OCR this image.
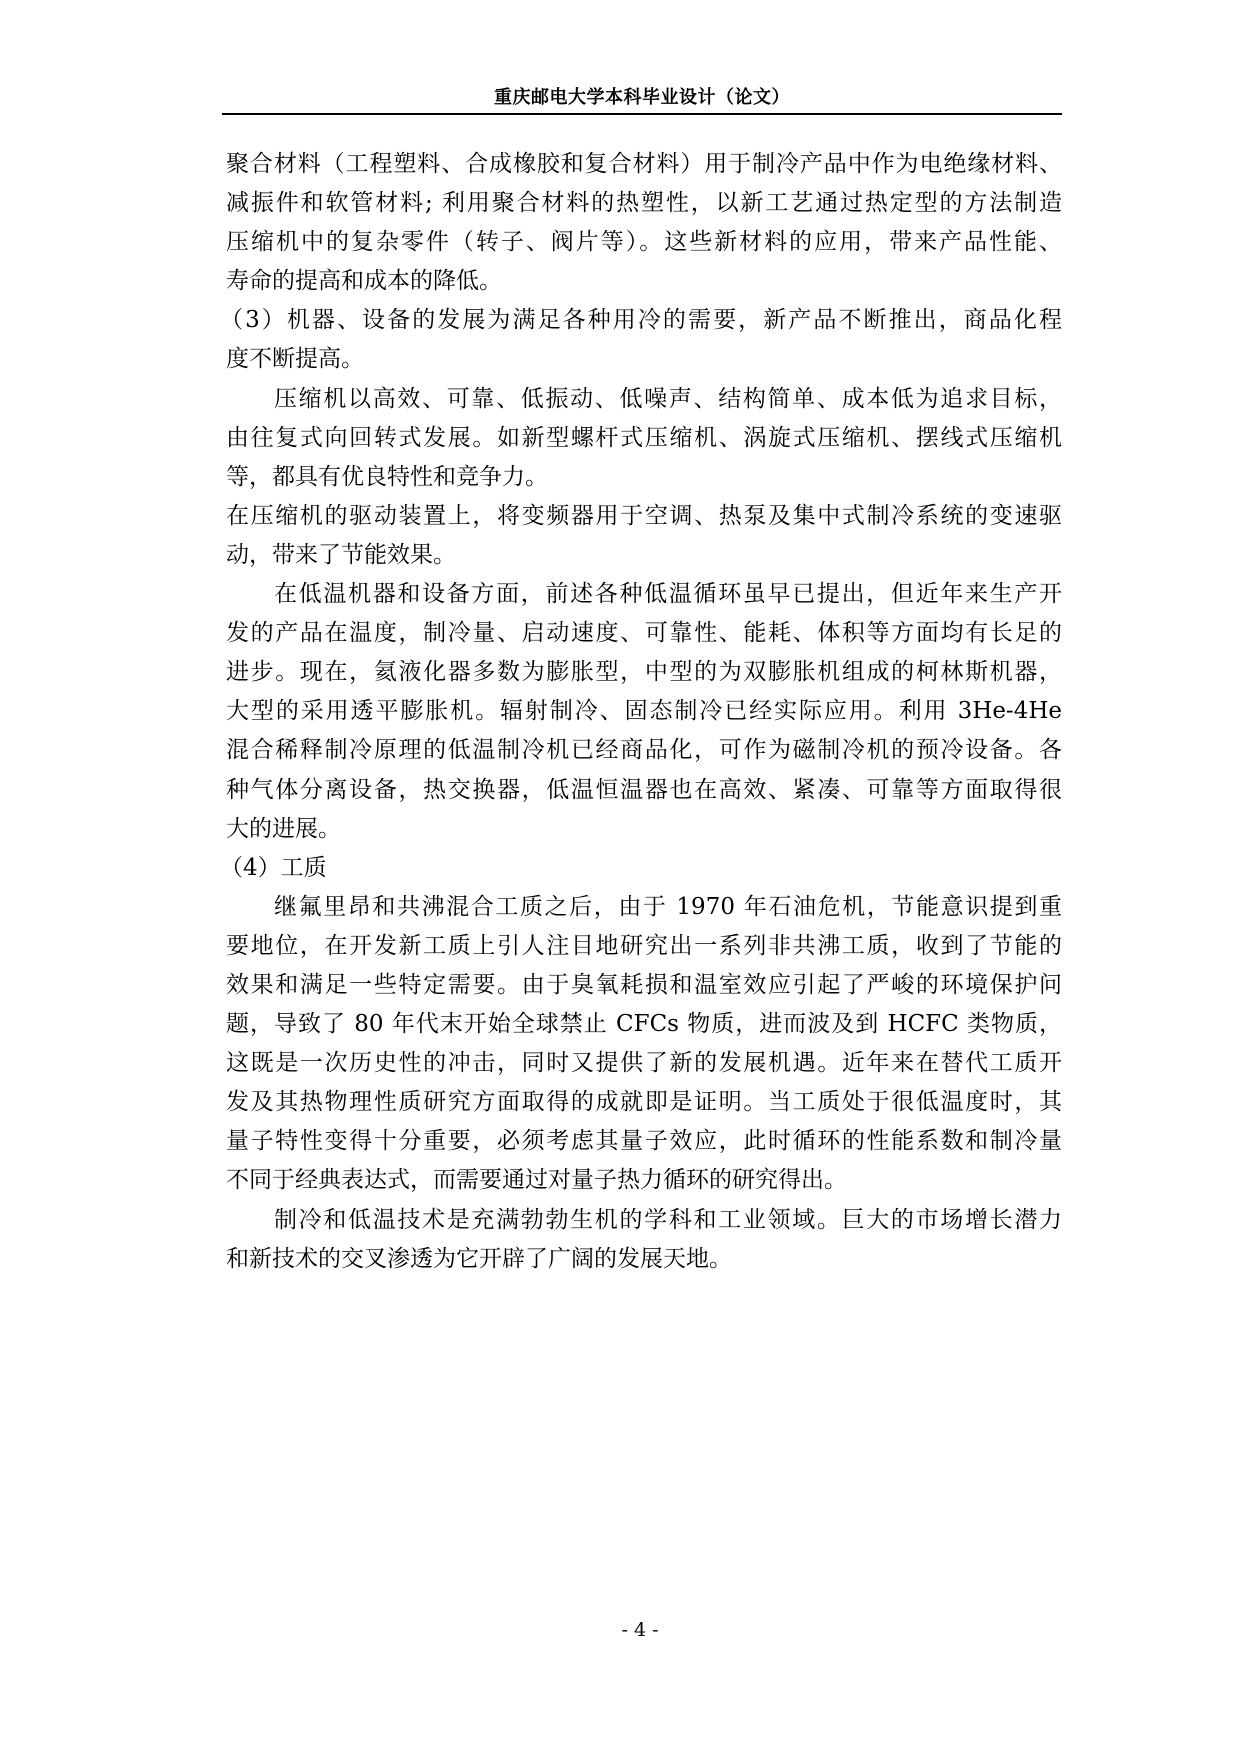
重庆邮电大学本科毕业设计（论文）
聚合材料（工程塑料、合成橡胶和复合材料）用于制冷产品中作为电绝缘材料、
减振件和软管材料; 利用聚合材料的热塑性，以新工艺通过热定型的方法制造
压缩机中的复杂零件（转子、阀片等）。这些新材料的应用，带来产品性能、
寿命的提高和成本的降低。
（3）机器、设备的发展为满足各种用冷的需要，新产品不断推出，商品化程
度不断提高。
压缩机以高效、可靠、低振动、低噪声、结构简单、成本低为追求目标，
由往复式向回转式发展。如新型螺杆式压缩机、涡旋式压缩机、摆线式压缩机
等，都具有优良特性和竞争力。
在压缩机的驱动装置上，将变频器用于空调、热泵及集中式制冷系统的变速驱
动，带来了节能效果。
在低温机器和设备方面，前述各种低温循环虽早已提出，但近年来生产开
发的产品在温度，制冷量、启动速度、可靠性、能耗、体积等方面均有长足的
进步。现在，氦液化器多数为膨胀型，中型的为双膨胀机组成的柯林斯机器，
大型的采用透平膨胀机。辐射制冷、固态制冷已经实际应用。利用 3He-4He
混合稀释制冷原理的低温制冷机已经商品化，可作为磁制冷机的预冷设备。各
种气体分离设备，热交换器，低温恒温器也在高效、紧凑、可靠等方面取得很
大的进展。
（4）工质
继氟里昂和共沸混合工质之后，由于 1970 年石油危机，节能意识提到重
要地位，在开发新工质上引人注目地研究出一系列非共沸工质，收到了节能的
效果和满足一些特定需要。由于臭氧耗损和温室效应引起了严峻的环境保护问
题，导致了 80 年代末开始全球禁止 CFCs 物质，进而波及到 HCFC 类物质，
这既是一次历史性的冲击，同时又提供了新的发展机遇。近年来在替代工质开
发及其热物理性质研究方面取得的成就即是证明。当工质处于很低温度时，其
量子特性变得十分重要，必须考虑其量子效应，此时循环的性能系数和制冷量
不同于经典表达式，而需要通过对量子热力循环的研究得出。
制冷和低温技术是充满勃勃生机的学科和工业领域。巨大的市场增长潜力
和新技术的交叉渗透为它开辟了广阔的发展天地。
- 4 -
